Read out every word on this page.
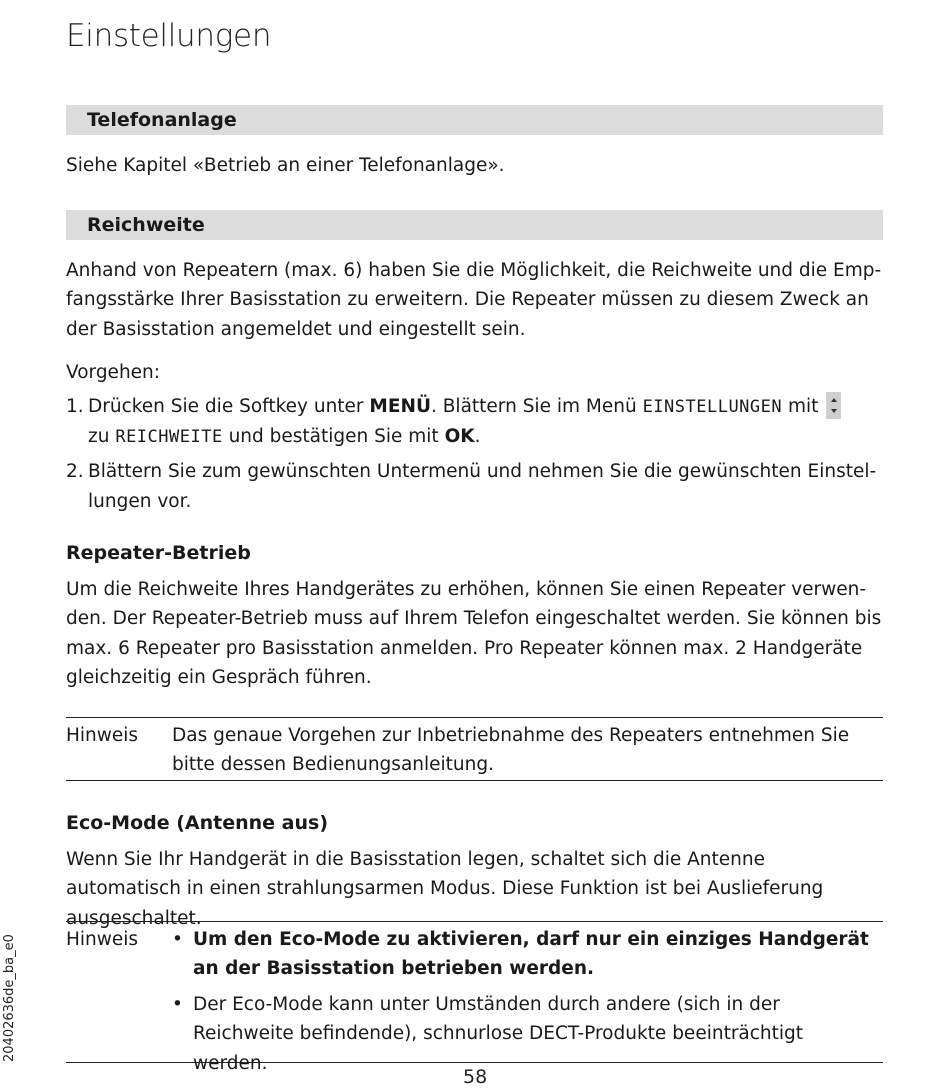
Einstellungen
Telefonanlage

Siehe Kapitel «Betrieb an einer Telefonanlage».

Reichweite

Anhand von Repeatern (max. 6) haben Sie die Möglichkeit, die Reichweite und die Emp-fangsstärke Ihrer Basisstation zu erweitern. Die Repeater müssen zu diesem Zweck an der Basisstation angemeldet und eingestellt sein.

Vorgehen:

1. Drücken Sie die Softkey unter MENÜ. Blättern Sie im Menü EINSTELLUNGEN mit
zu REICHWEITE und bestätigen Sie mit OK.
2. Blättern Sie zum gewünschten Untermenü und nehmen Sie die gewünschten Einstel-lungen vor.

Repeater-Betrieb

Um die Reichweite Ihres Handgerätes zu erhöhen, können Sie einen Repeater verwen-den. Der Repeater-Betrieb muss auf Ihrem Telefon eingeschaltet werden. Sie können bis max. 6 Repeater pro Basisstation anmelden. Pro Repeater können max. 2 Handgeräte gleichzeitig ein Gespräch führen.

Hinweis Das genaue Vorgehen zur Inbetriebnahme des Repeaters entnehmen Sie bitte dessen Bedienungsanleitung.

Eco-Mode (Antenne aus)

Wenn Sie Ihr Handgerät in die Basisstation legen, schaltet sich die Antenne automatisch in einen strahlungsarmen Modus. Diese Funktion ist bei Auslieferung ausgeschaltet.

Hinweis • Um den Eco-Mode zu aktivieren, darf nur ein einziges Handgerät an der Basisstation betrieben werden.
• Der Eco-Mode kann unter Umständen durch andere (sich in der Reichweite befindende), schnurlose DECT-Produkte beeinträchtigt werden.
20402636de_ba_e0
58
